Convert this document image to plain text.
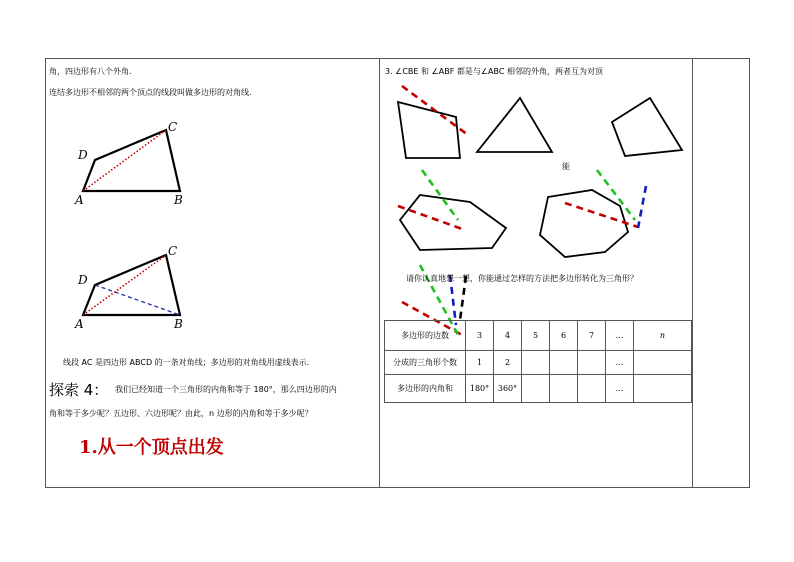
角，四边形有八个外角.
连结多边形不相邻的两个顶点的线段叫做多边形的对角线.
A	B
C
D
A	B
C
D
线段 AC 是四边形 ABCD 的一条对角线；多边形的对角线用虚线表示.
探索 4： 我们已经知道一个三角形的内角和等于 180°，那么四边形的内
角和等于多少呢？五边形、六边形呢？由此，n 边形的内角和等于多少呢？
1.从一个顶点出发
3. ∠CBE 和 ∠ABF 都是与∠ABC 相邻的外角，两者互为对顶
能
请你认真地想一想，你能通过怎样的方法把多边形转化为三角形？
多边形的边数	3	4	5	6	7	…	n
分成的三角形个数	1	2				…	
多边形的内角和	180°	360°				…	
